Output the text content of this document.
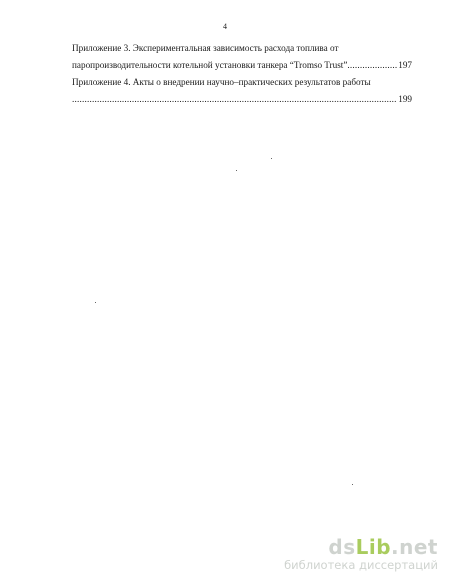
4
Приложение 3. Экспериментальная зависимость расхода топлива от
паропроизводительности котельной установки танкера “Tromso Trust”
.....	197
Приложение 4. Акты о внедрении научно–практических результатов работы
.....
199
dsLib.net
библиотека диссертаций
